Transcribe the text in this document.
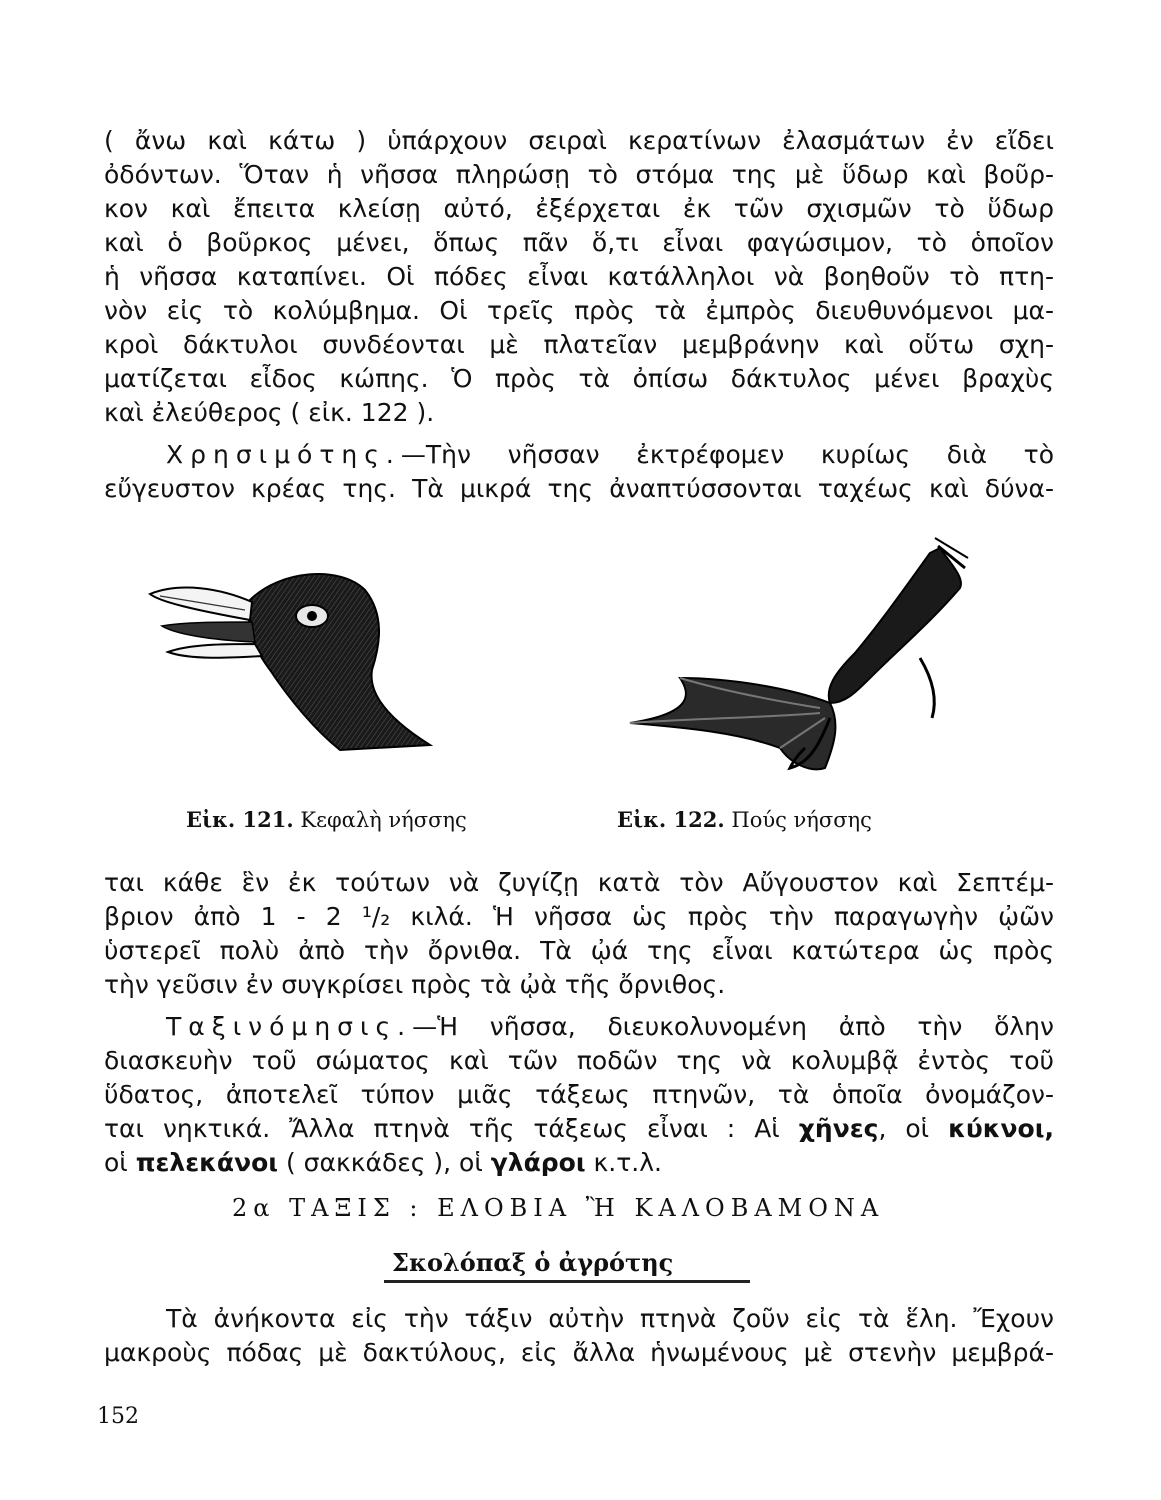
( ἄνω καὶ κάτω ) ὑπάρχουν σειραὶ κερατίνων ἐλασμάτων ἐν εἴδει
ὀδόντων. Ὅταν ἡ νῆσσα πληρώσῃ τὸ στόμα της μὲ ὕδωρ καὶ βοῦρ-
κον καὶ ἔπειτα κλείσῃ αὐτό, ἐξέρχεται ἐκ τῶν σχισμῶν τὸ ὕδωρ
καὶ ὁ βοῦρκος μένει, ὅπως πᾶν ὅ,τι εἶναι φαγώσιμον, τὸ ὁποῖον
ἡ νῆσσα καταπίνει. Οἱ πόδες εἶναι κατάλληλοι νὰ βοηθοῦν τὸ πτη-
νὸν εἰς τὸ κολύμβημα. Οἱ τρεῖς πρὸς τὰ ἐμπρὸς διευθυνόμενοι μα-
κροὶ δάκτυλοι συνδέονται μὲ πλατεῖαν μεμβράνην καὶ οὕτω σχη-
ματίζεται εἶδος κώπης. Ὁ πρὸς τὰ ὀπίσω δάκτυλος μένει βραχὺς
καὶ ἐλεύθερος ( εἰκ. 122 ).
Χρησιμότης.—Τὴν νῆσσαν ἐκτρέφομεν κυρίως διὰ τὸ
εὔγευστον κρέας της. Τὰ μικρά της ἀναπτύσσονται ταχέως καὶ δύνα-
Εἰκ. 121. Κεφαλὴ νήσσης	Εἰκ. 122. Πούς νήσσης
ται κάθε ἓν ἐκ τούτων νὰ ζυγίζῃ κατὰ τὸν Αὔγουστον καὶ Σεπτέμ-
βριον ἀπὸ 1 - 2 ¹/₂ κιλά. Ἡ νῆσσα ὡς πρὸς τὴν παραγωγὴν ᾠῶν
ὑστερεῖ πολὺ ἀπὸ τὴν ὄρνιθα. Τὰ ᾠά της εἶναι κατώτερα ὡς πρὸς
τὴν γεῦσιν ἐν συγκρίσει πρὸς τὰ ᾠὰ τῆς ὄρνιθος.
Ταξινόμησις.—Ἡ νῆσσα, διευκολυνομένη ἀπὸ τὴν ὅλην
διασκευὴν τοῦ σώματος καὶ τῶν ποδῶν της νὰ κολυμβᾷ ἐντὸς τοῦ
ὕδατος, ἀποτελεῖ τύπον μιᾶς τάξεως πτηνῶν, τὰ ὁποῖα ὀνομάζον-
ται νηκτικά. Ἄλλα πτηνὰ τῆς τάξεως εἶναι : Αἱ χῆνες, οἱ κύκνοι,
οἱ πελεκάνοι ( σακκάδες ), οἱ γλάροι κ.τ.λ.
2α ΤΑΞΙΣ : ΕΛΟΒΙΑ Ἢ ΚΑΛΟΒΑΜΟΝΑ
Σκολόπαξ ὁ ἀγρότης
Τὰ ἀνήκοντα εἰς τὴν τάξιν αὐτὴν πτηνὰ ζοῦν εἰς τὰ ἕλη. Ἔχουν
μακροὺς πόδας μὲ δακτύλους, εἰς ἄλλα ἡνωμένους μὲ στενὴν μεμβρά-
152
